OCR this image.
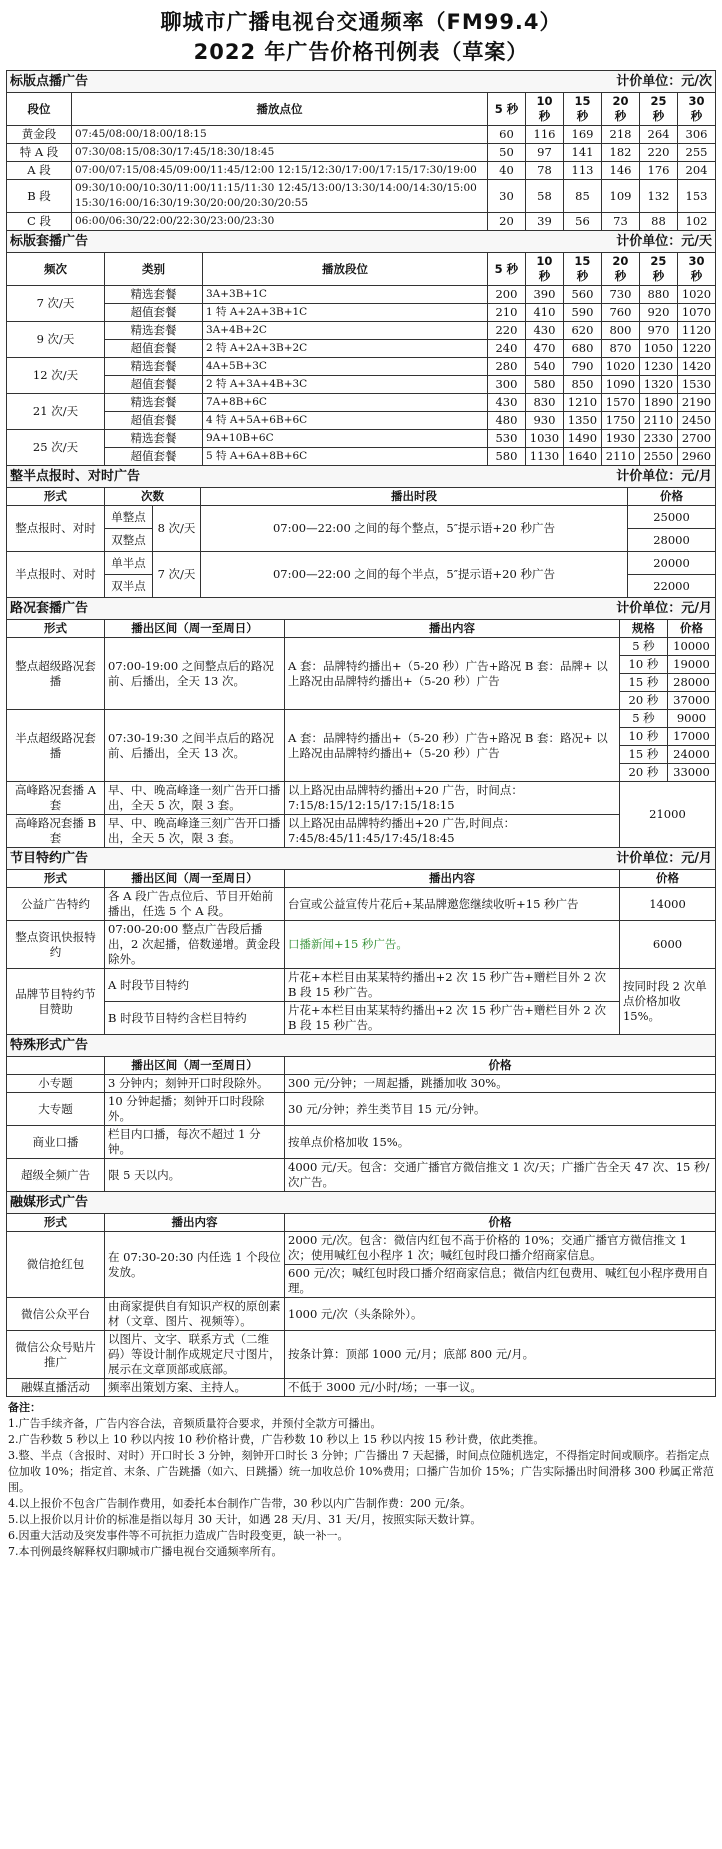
聊城市广播电视台交通频率（FM99.4）
2022 年广告价格刊例表（草案）
标版点播广告 计价单位：元/次							

段位	播放点位	5 秒	10 秒	15 秒	20 秒	25 秒	30 秒
黄金段	07:45/08:00/18:00/18:15	60	116	169	218	264	306
特 A 段	07:30/08:15/08:30/17:45/18:30/18:45	50	97	141	182	220	255
A 段	07:00/07:15/08:45/09:00/11:45/12:00 12:15/12:30/17:00/17:15/17:30/19:00	40	78	113	146	176	204
B 段	09:30/10:00/10:30/11:00/11:15/11:30 12:45/13:00/13:30/14:00/14:30/15:00 15:30/16:00/16:30/19:30/20:00/20:30/20:55	30	58	85	109	132	153
C 段	06:00/06:30/22:00/22:30/23:00/23:30	20	39	56	73	88	102
标版套播广告 计价单位：元/天								

频次	类别	播放段位	5 秒	10 秒	15 秒	20 秒	25 秒	30 秒
7 次/天	精选套餐	3A+3B+1C	200	390	560	730	880	1020
	超值套餐	1 特 A+2A+3B+1C	210	410	590	760	920	1070
9 次/天	精选套餐	3A+4B+2C	220	430	620	800	970	1120
	超值套餐	2 特 A+2A+3B+2C	240	470	680	870	1050	1220
12 次/天	精选套餐	4A+5B+3C	280	540	790	1020	1230	1420
	超值套餐	2 特 A+3A+4B+3C	300	580	850	1090	1320	1530
21 次/天	精选套餐	7A+8B+6C	430	830	1210	1570	1890	2190
	超值套餐	4 特 A+5A+6B+6C	480	930	1350	1750	2110	2450
25 次/天	精选套餐	9A+10B+6C	530	1030	1490	1930	2330	2700
	超值套餐	5 特 A+6A+8B+6C	580	1130	1640	2110	2550	2960
整半点报时、对时广告 计价单位：元/月				

形式	次数		播出时段	价格
整点报时、对时	单整点	8 次/天	07:00—22:00 之间的每个整点，5″提示语+20 秒广告	25000
	双整点			28000
半点报时、对时	单半点	7 次/天	07:00—22:00 之间的每个半点，5″提示语+20 秒广告	20000
	双半点			22000
路况套播广告 计价单位：元/月				

形式	播出区间（周一至周日）	播出内容	规格	价格
整点超级路况套播	07:00-19:00 之间整点后的路况前、后播出，全天 13 次。	A 套：品牌特约播出+（5-20 秒）广告+路况 B 套：品牌+ 以上路况由品牌特约播出+（5-20 秒）广告	5 秒	10000
			10 秒	19000
			15 秒	28000
			20 秒	37000
半点超级路况套播	07:30-19:30 之间半点后的路况前、后播出，全天 13 次。	A 套：品牌特约播出+（5-20 秒）广告+路况 B 套：路况+ 以上路况由品牌特约播出+（5-20 秒）广告	5 秒	9000
			10 秒	17000
			15 秒	24000
			20 秒	33000
高峰路况套播 A 套	早、中、晚高峰逢一刻广告开口播出，全天 5 次，限 3 套。	以上路况由品牌特约播出+20 广告，时间点：7:15/8:15/12:15/17:15/18:15	21000	
高峰路况套播 B 套	早、中、晚高峰逢三刻广告开口播出，全天 5 次，限 3 套。	以上路况由品牌特约播出+20 广告,时间点：7:45/8:45/11:45/17:45/18:45		
节目特约广告 计价单位：元/月			

形式	播出区间（周一至周日）	播出内容	价格
公益广告特约	各 A 段广告点位后、节目开始前播出，任选 5 个 A 段。	台宣或公益宣传片花后+某品牌邀您继续收听+15 秒广告	14000
整点资讯快报特约	07:00-20:00 整点广告段后播出，2 次起播，倍数递增。黄金段除外。	口播新闻+15 秒广告。	6000
品牌节目特约节目赞助	A 时段节目特约	片花+本栏目由某某特约播出+2 次 15 秒广告+赠栏目外 2 次 B 段 15 秒广告。	按同时段 2 次单点价格加收 15%。
	B 时段节目特约含栏目特约	片花+本栏目由某某特约播出+2 次 15 秒广告+赠栏目外 2 次 B 段 15 秒广告。	
特殊形式广告		

	播出区间（周一至周日）	价格
小专题	3 分钟内；刻钟开口时段除外。	300 元/分钟；一周起播，跳播加收 30%。
大专题	10 分钟起播；刻钟开口时段除外。	30 元/分钟；养生类节目 15 元/分钟。
商业口播	栏目内口播，每次不超过 1 分钟。	按单点价格加收 15%。
超级全频广告	限 5 天以内。	4000 元/天。包含：交通广播官方微信推文 1 次/天；广播广告全天 47 次、15 秒/次广告。
融媒形式广告		

形式	播出内容	价格
微信抢红包	在 07:30-20:30 内任选 1 个段位发放。	2000 元/次。包含：微信内红包不高于价格的 10%；交通广播官方微信推文 1 次；使用喊红包小程序 1 次；喊红包时段口播介绍商家信息。
		600 元/次；喊红包时段口播介绍商家信息；微信内红包费用、喊红包小程序费用自理。
微信公众平台	由商家提供自有知识产权的原创素材（文章、图片、视频等）。	1000 元/次（头条除外）。
微信公众号贴片推广	以图片、文字、联系方式（二维码）等设计制作成规定尺寸图片，展示在文章顶部或底部。	按条计算：顶部 1000 元/月；底部 800 元/月。
融媒直播活动	频率出策划方案、主持人。	不低于 3000 元/小时/场；一事一议。
备注：
1.广告手续齐备，广告内容合法，音频质量符合要求，并预付全款方可播出。
2.广告秒数 5 秒以上 10 秒以内按 10 秒价格计费，广告秒数 10 秒以上 15 秒以内按 15 秒计费，依此类推。
3.整、半点（含报时、对时）开口时长 3 分钟，刻钟开口时长 3 分钟；广告播出 7 天起播，时间点位随机选定，不得指定时间或顺序。若指定点位加收 10%；指定首、末条、广告跳播（如六、日跳播）统一加收总价 10%费用；口播广告加价 15%；广告实际播出时间滑移 300 秒属正常范围。
4.以上报价不包含广告制作费用，如委托本台制作广告带，30 秒以内广告制作费：200 元/条。
5.以上报价以月计价的标准是指以每月 30 天计，如遇 28 天/月、31 天/月，按照实际天数计算。
6.因重大活动及突发事件等不可抗拒力造成广告时段变更，缺一补一。
7.本刊例最终解释权归聊城市广播电视台交通频率所有。
